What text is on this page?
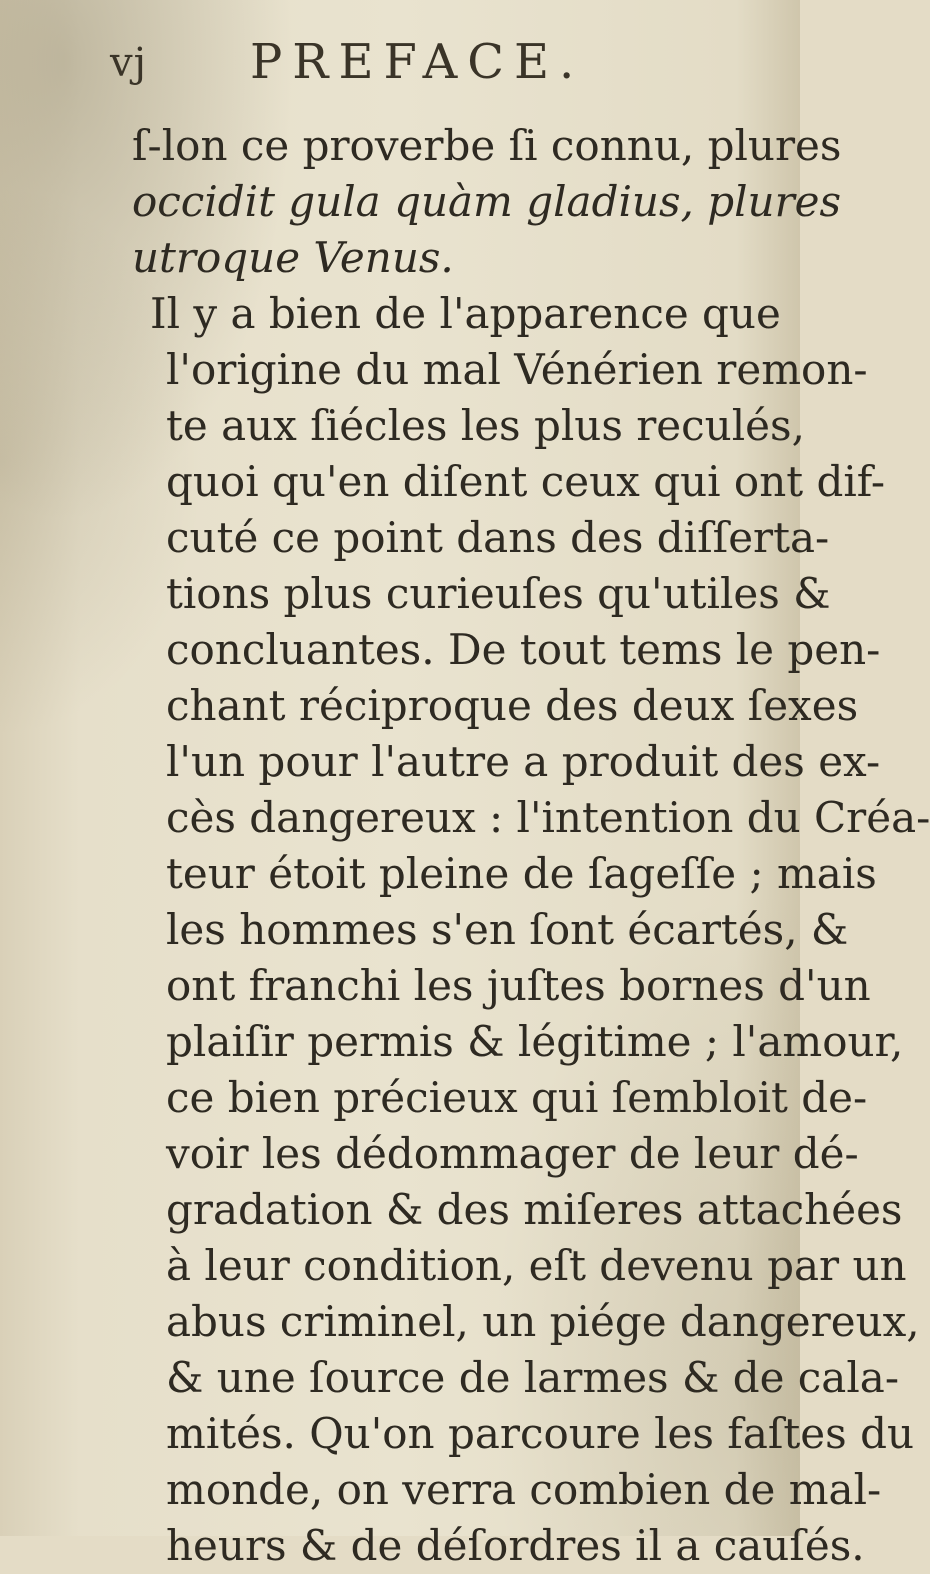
vj PREFACE.
ſ-lon ce proverbe ſi connu, plures
occidit gula quàm gladius, plures
utroque Venus.
Il y a bien de l'apparence que
l'origine du mal Vénérien remon-
te aux ſiécles les plus reculés,
quoi qu'en diſent ceux qui ont dif-
cuté ce point dans des diſſerta-
tions plus curieuſes qu'utiles &
concluantes. De tout tems le pen-
chant réciproque des deux ſexes
l'un pour l'autre a produit des ex-
cès dangereux : l'intention du Créa-
teur étoit pleine de ſageſſe ; mais
les hommes s'en ſont écartés, &
ont franchi les juſtes bornes d'un
plaiſir permis & légitime ; l'amour,
ce bien précieux qui ſembloit de-
voir les dédommager de leur dé-
gradation & des miſeres attachées
à leur condition, eſt devenu par un
abus criminel, un piége dangereux,
& une ſource de larmes & de cala-
mités. Qu'on parcoure les faſtes du
monde, on verra combien de mal-
heurs & de déſordres il a cauſés.
